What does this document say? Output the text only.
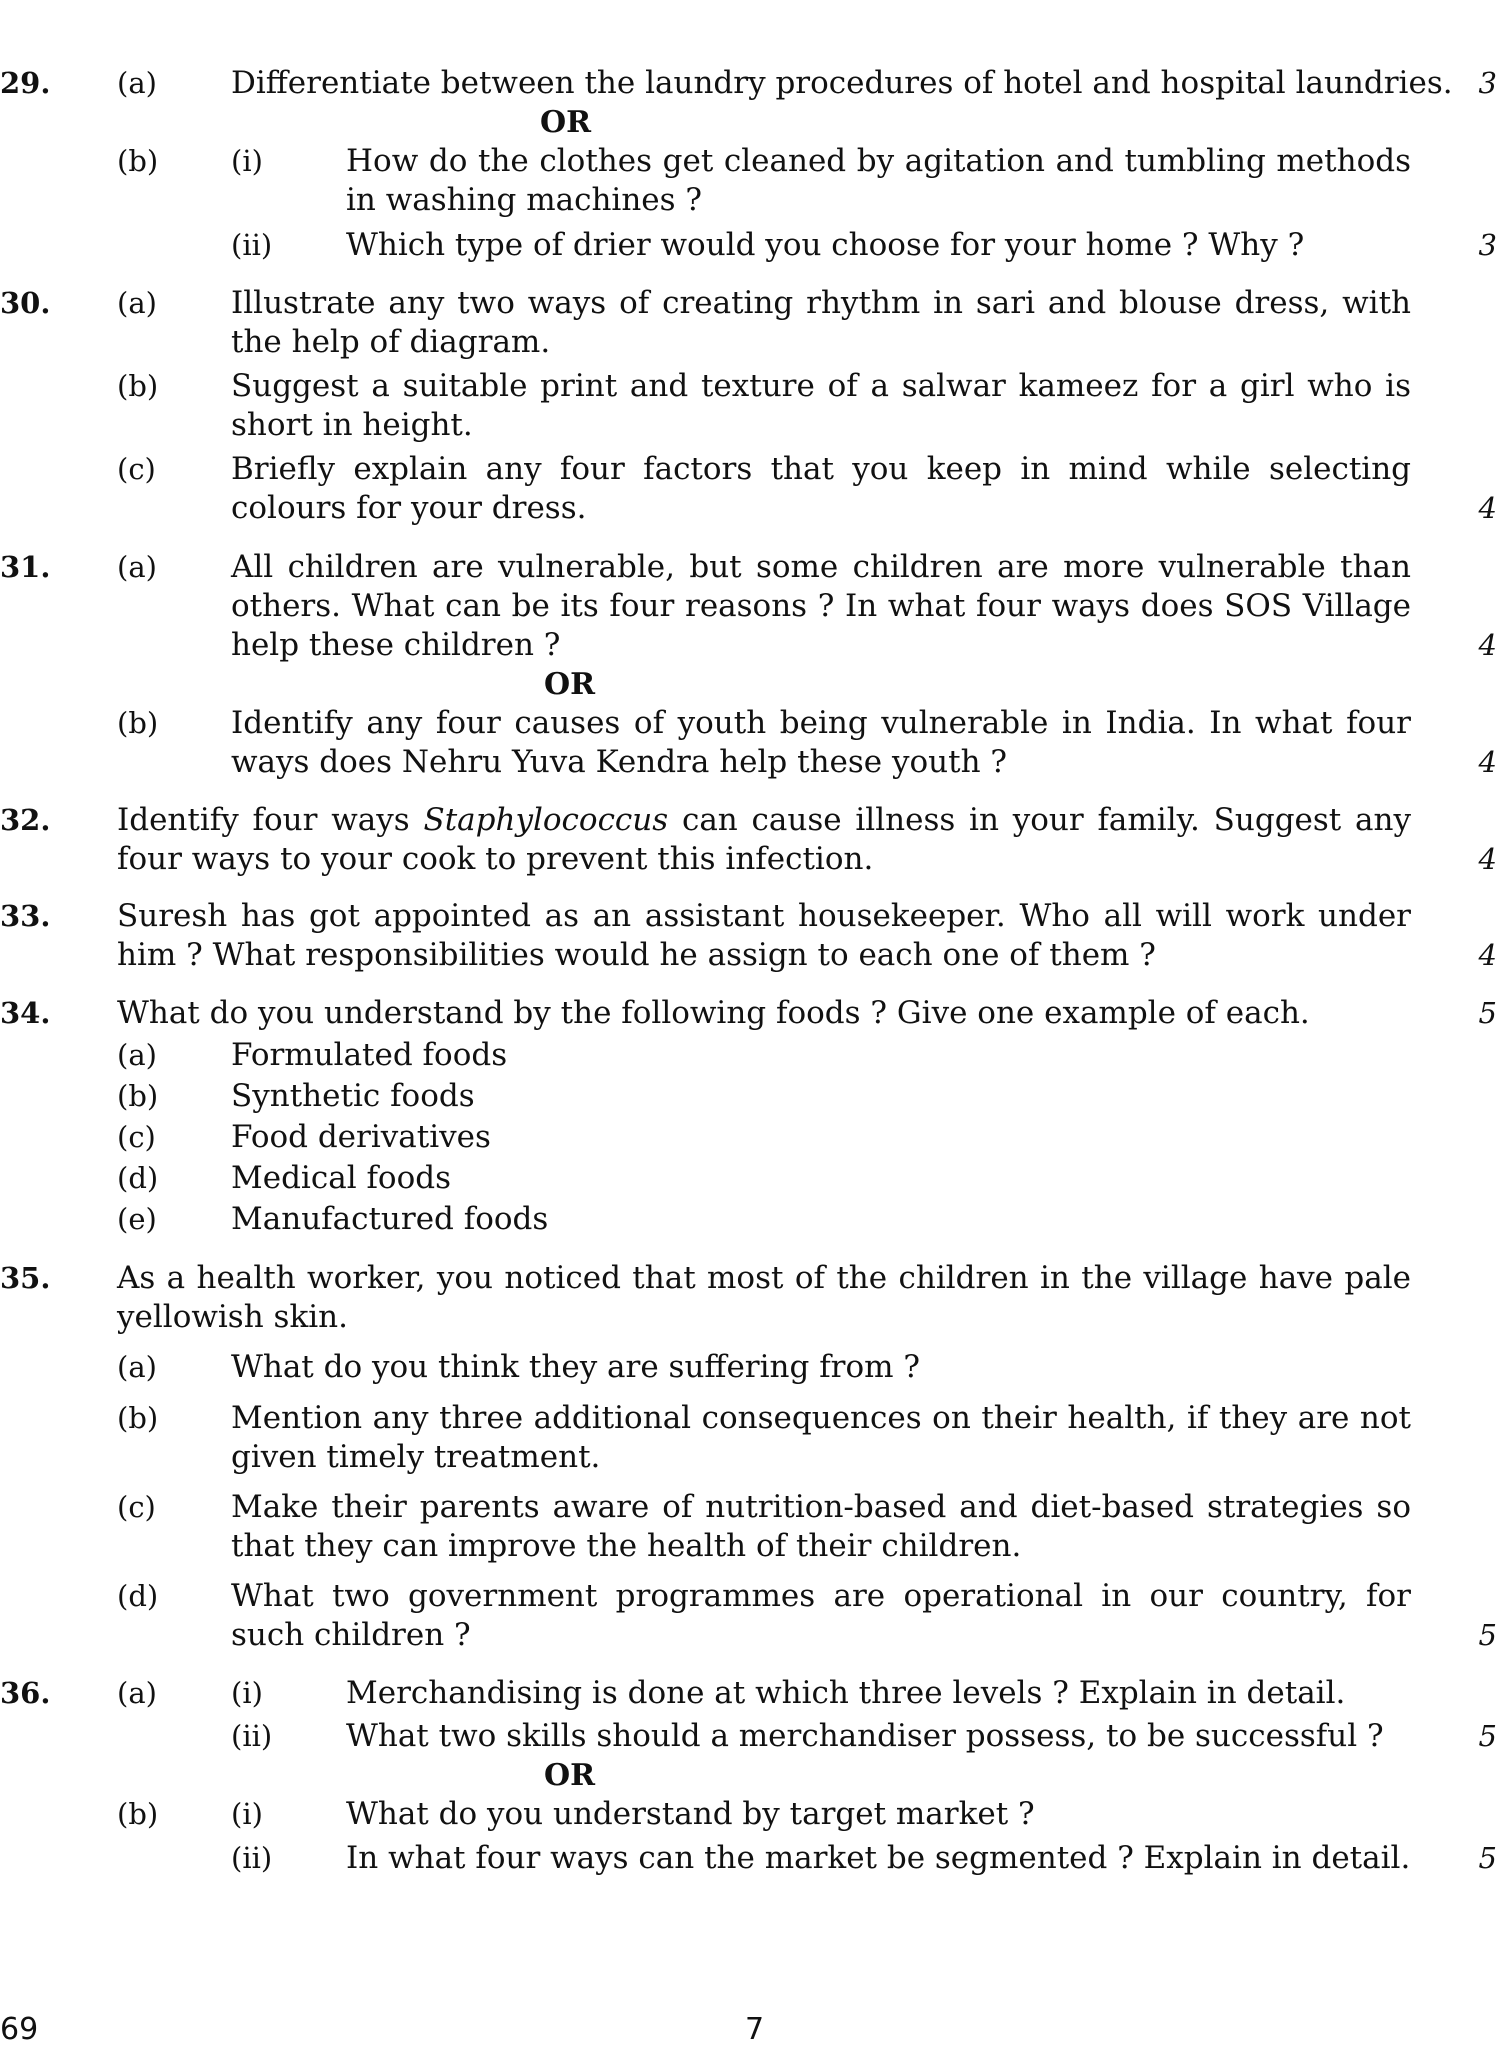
29. (a) Differentiate between the laundry procedures of hotel and hospital laundries. 3
OR
(b)	(i)	How do the clothes get cleaned by agitation and tumbling methods in washing machines ?
(ii) Which type of drier would you choose for your home ? Why ?	3
30. (a) Illustrate any two ways of creating rhythm in sari and blouse dress, with the help of diagram.
(b) Suggest a suitable print and texture of a salwar kameez for a girl who is short in height.
(c) Briefly explain any four factors that you keep in mind while selecting colours for your dress.	4
31. (a) All children are vulnerable, but some children are more vulnerable than others. What can be its four reasons ? In what four ways does SOS Village help these children ?	4
OR
(b) Identify any four causes of youth being vulnerable in India. In what four ways does Nehru Yuva Kendra help these youth ?	4
32. Identify four ways Staphylococcus can cause illness in your family. Suggest any four ways to your cook to prevent this infection.	4
33. Suresh has got appointed as an assistant housekeeper. Who all will work under him ? What responsibilities would he assign to each one of them ?	4
34. What do you understand by the following foods ? Give one example of each.	5
(a) Formulated foods
(b) Synthetic foods
(c) Food derivatives
(d) Medical foods
(e) Manufactured foods
35. As a health worker, you noticed that most of the children in the village have pale yellowish skin.
(a) What do you think they are suffering from ?
(b) Mention any three additional consequences on their health, if they are not given timely treatment.
(c) Make their parents aware of nutrition-based and diet-based strategies so that they can improve the health of their children.
(d) What two government programmes are operational in our country, for such children ?	5
36. (a)	(i)	Merchandising is done at which three levels ? Explain in detail.
(ii) What two skills should a merchandiser possess, to be successful ?	5
OR
(b)	(i)	What do you understand by target market ?
(ii) In what four ways can the market be segmented ? Explain in detail. 5
69	7
